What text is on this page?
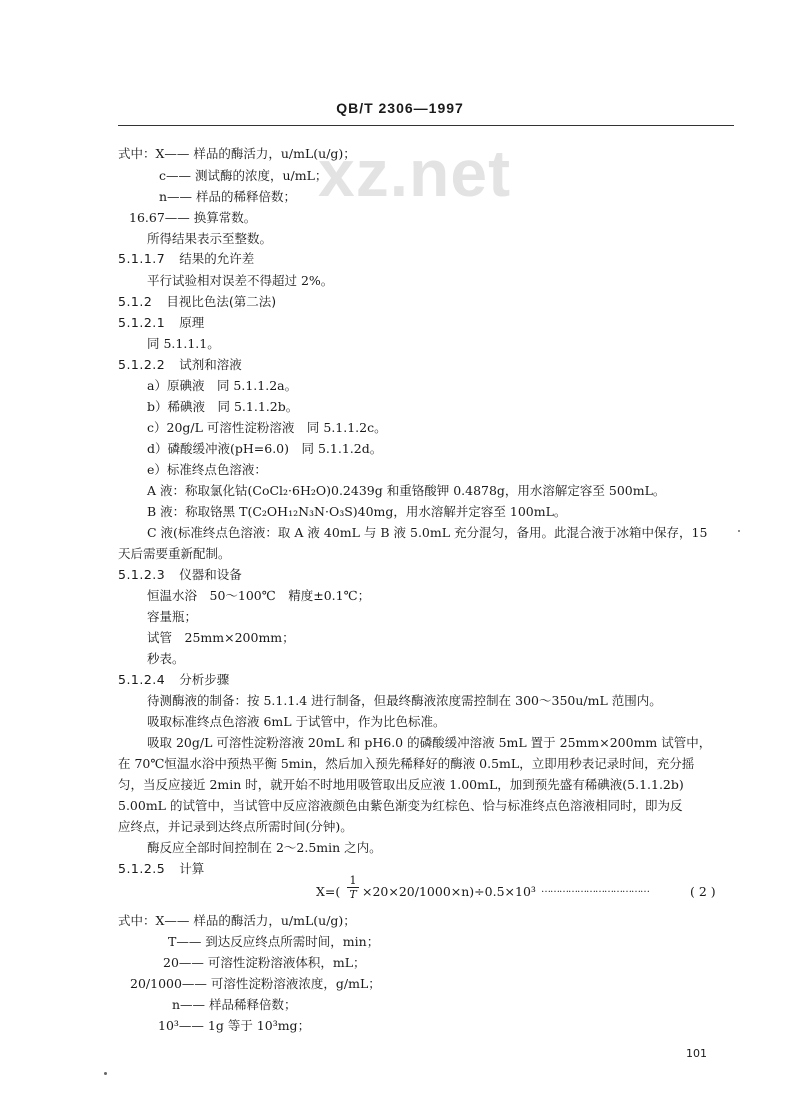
QB/T 2306—1997
xz.net
式中：X—— 样品的酶活力，u/mL(u/g)；
c—— 测试酶的浓度，u/mL；
n—— 样品的稀释倍数；
16.67—— 换算常数。
所得结果表示至整数。
5.1.1.7 结果的允许差
平行试验相对误差不得超过 2%。
5.1.2 目视比色法(第二法)
5.1.2.1 原理
同 5.1.1.1。
5.1.2.2 试剂和溶液
a）原碘液　同 5.1.1.2a。
b）稀碘液　同 5.1.1.2b。
c）20g/L 可溶性淀粉溶液　同 5.1.1.2c。
d）磷酸缓冲液(pH=6.0)　同 5.1.1.2d。
e）标准终点色溶液：
A 液：称取氯化钴(CoCl₂·6H₂O)0.2439g 和重铬酸钾 0.4878g，用水溶解定容至 500mL。
B 液：称取铬黑 T(C₂OH₁₂N₃N·O₃S)40mg，用水溶解并定容至 100mL。
C 液(标准终点色溶液：取 A 液 40mL 与 B 液 5.0mL 充分混匀，备用。此混合液于冰箱中保存，15
天后需要重新配制。
5.1.2.3 仪器和设备
恒温水浴　50～100℃　精度±0.1℃；
容量瓶；
试管　25mm×200mm；
秒表。
5.1.2.4 分析步骤
待测酶液的制备：按 5.1.1.4 进行制备，但最终酶液浓度需控制在 300～350u/mL 范围内。
吸取标准终点色溶液 6mL 于试管中，作为比色标准。
吸取 20g/L 可溶性淀粉溶液 20mL 和 pH6.0 的磷酸缓冲溶液 5mL 置于 25mm×200mm 试管中，
在 70℃恒温水浴中预热平衡 5min，然后加入预先稀释好的酶液 0.5mL，立即用秒表记录时间，充分摇
匀，当反应接近 2min 时，就开始不时地用吸管取出反应液 1.00mL，加到预先盛有稀碘液(5.1.1.2b)
5.00mL 的试管中，当试管中反应溶液颜色由紫色渐变为红棕色、恰与标准终点色溶液相同时，即为反
应终点，并记录到达终点所需时间(分钟)。
酶反应全部时间控制在 2～2.5min 之内。
5.1.2.5 计算
$X=( \frac{1}{T} \times 20\times 20/1000\times n)\div 0.5\times 10^3$ ………………………………	( 2 )
式中：X—— 样品的酶活力，u/mL(u/g)；
T—— 到达反应终点所需时间，min；
20—— 可溶性淀粉溶液体积，mL；
20/1000—— 可溶性淀粉溶液浓度，g/mL；
n—— 样品稀释倍数；
10³—— 1g 等于 10³mg；
101
